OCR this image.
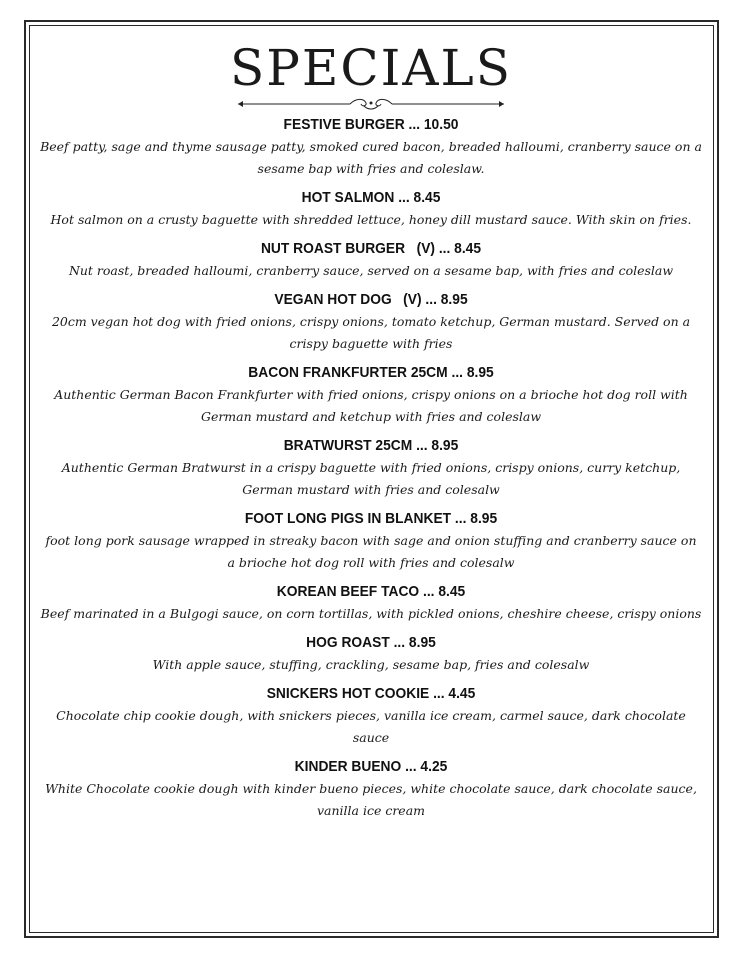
SPECIALS
FESTIVE BURGER ... 10.50
Beef patty, sage and thyme sausage patty, smoked cured bacon, breaded halloumi, cranberry sauce on a sesame bap with fries and coleslaw.
HOT SALMON ... 8.45
Hot salmon on a crusty baguette with shredded lettuce, honey dill mustard sauce. With skin on fries.
NUT ROAST BURGER   (V) ... 8.45
Nut roast, breaded halloumi, cranberry sauce, served on a sesame bap, with fries and coleslaw
VEGAN HOT DOG   (V) ... 8.95
20cm vegan hot dog with fried onions, crispy onions, tomato ketchup, German mustard. Served on a crispy baguette with fries
BACON FRANKFURTER 25CM ... 8.95
Authentic German Bacon Frankfurter with fried onions, crispy onions on a brioche hot dog roll with German mustard and ketchup with fries and coleslaw
BRATWURST 25CM ... 8.95
Authentic German Bratwurst in a crispy baguette with fried onions, crispy onions, curry ketchup, German mustard with fries and colesalw
FOOT LONG PIGS IN BLANKET ... 8.95
foot long pork sausage wrapped in streaky bacon with sage and onion stuffing and cranberry sauce on a brioche hot dog roll with fries and colesalw
KOREAN BEEF TACO ... 8.45
Beef marinated in a Bulgogi sauce, on corn tortillas, with pickled onions, cheshire cheese, crispy onions
HOG ROAST ... 8.95
With apple sauce, stuffing, crackling, sesame bap, fries and colesalw
SNICKERS HOT COOKIE ... 4.45
Chocolate chip cookie dough, with snickers pieces, vanilla ice cream, carmel sauce, dark chocolate sauce
KINDER BUENO ... 4.25
White Chocolate cookie dough with kinder bueno pieces, white chocolate sauce, dark chocolate sauce, vanilla ice cream
